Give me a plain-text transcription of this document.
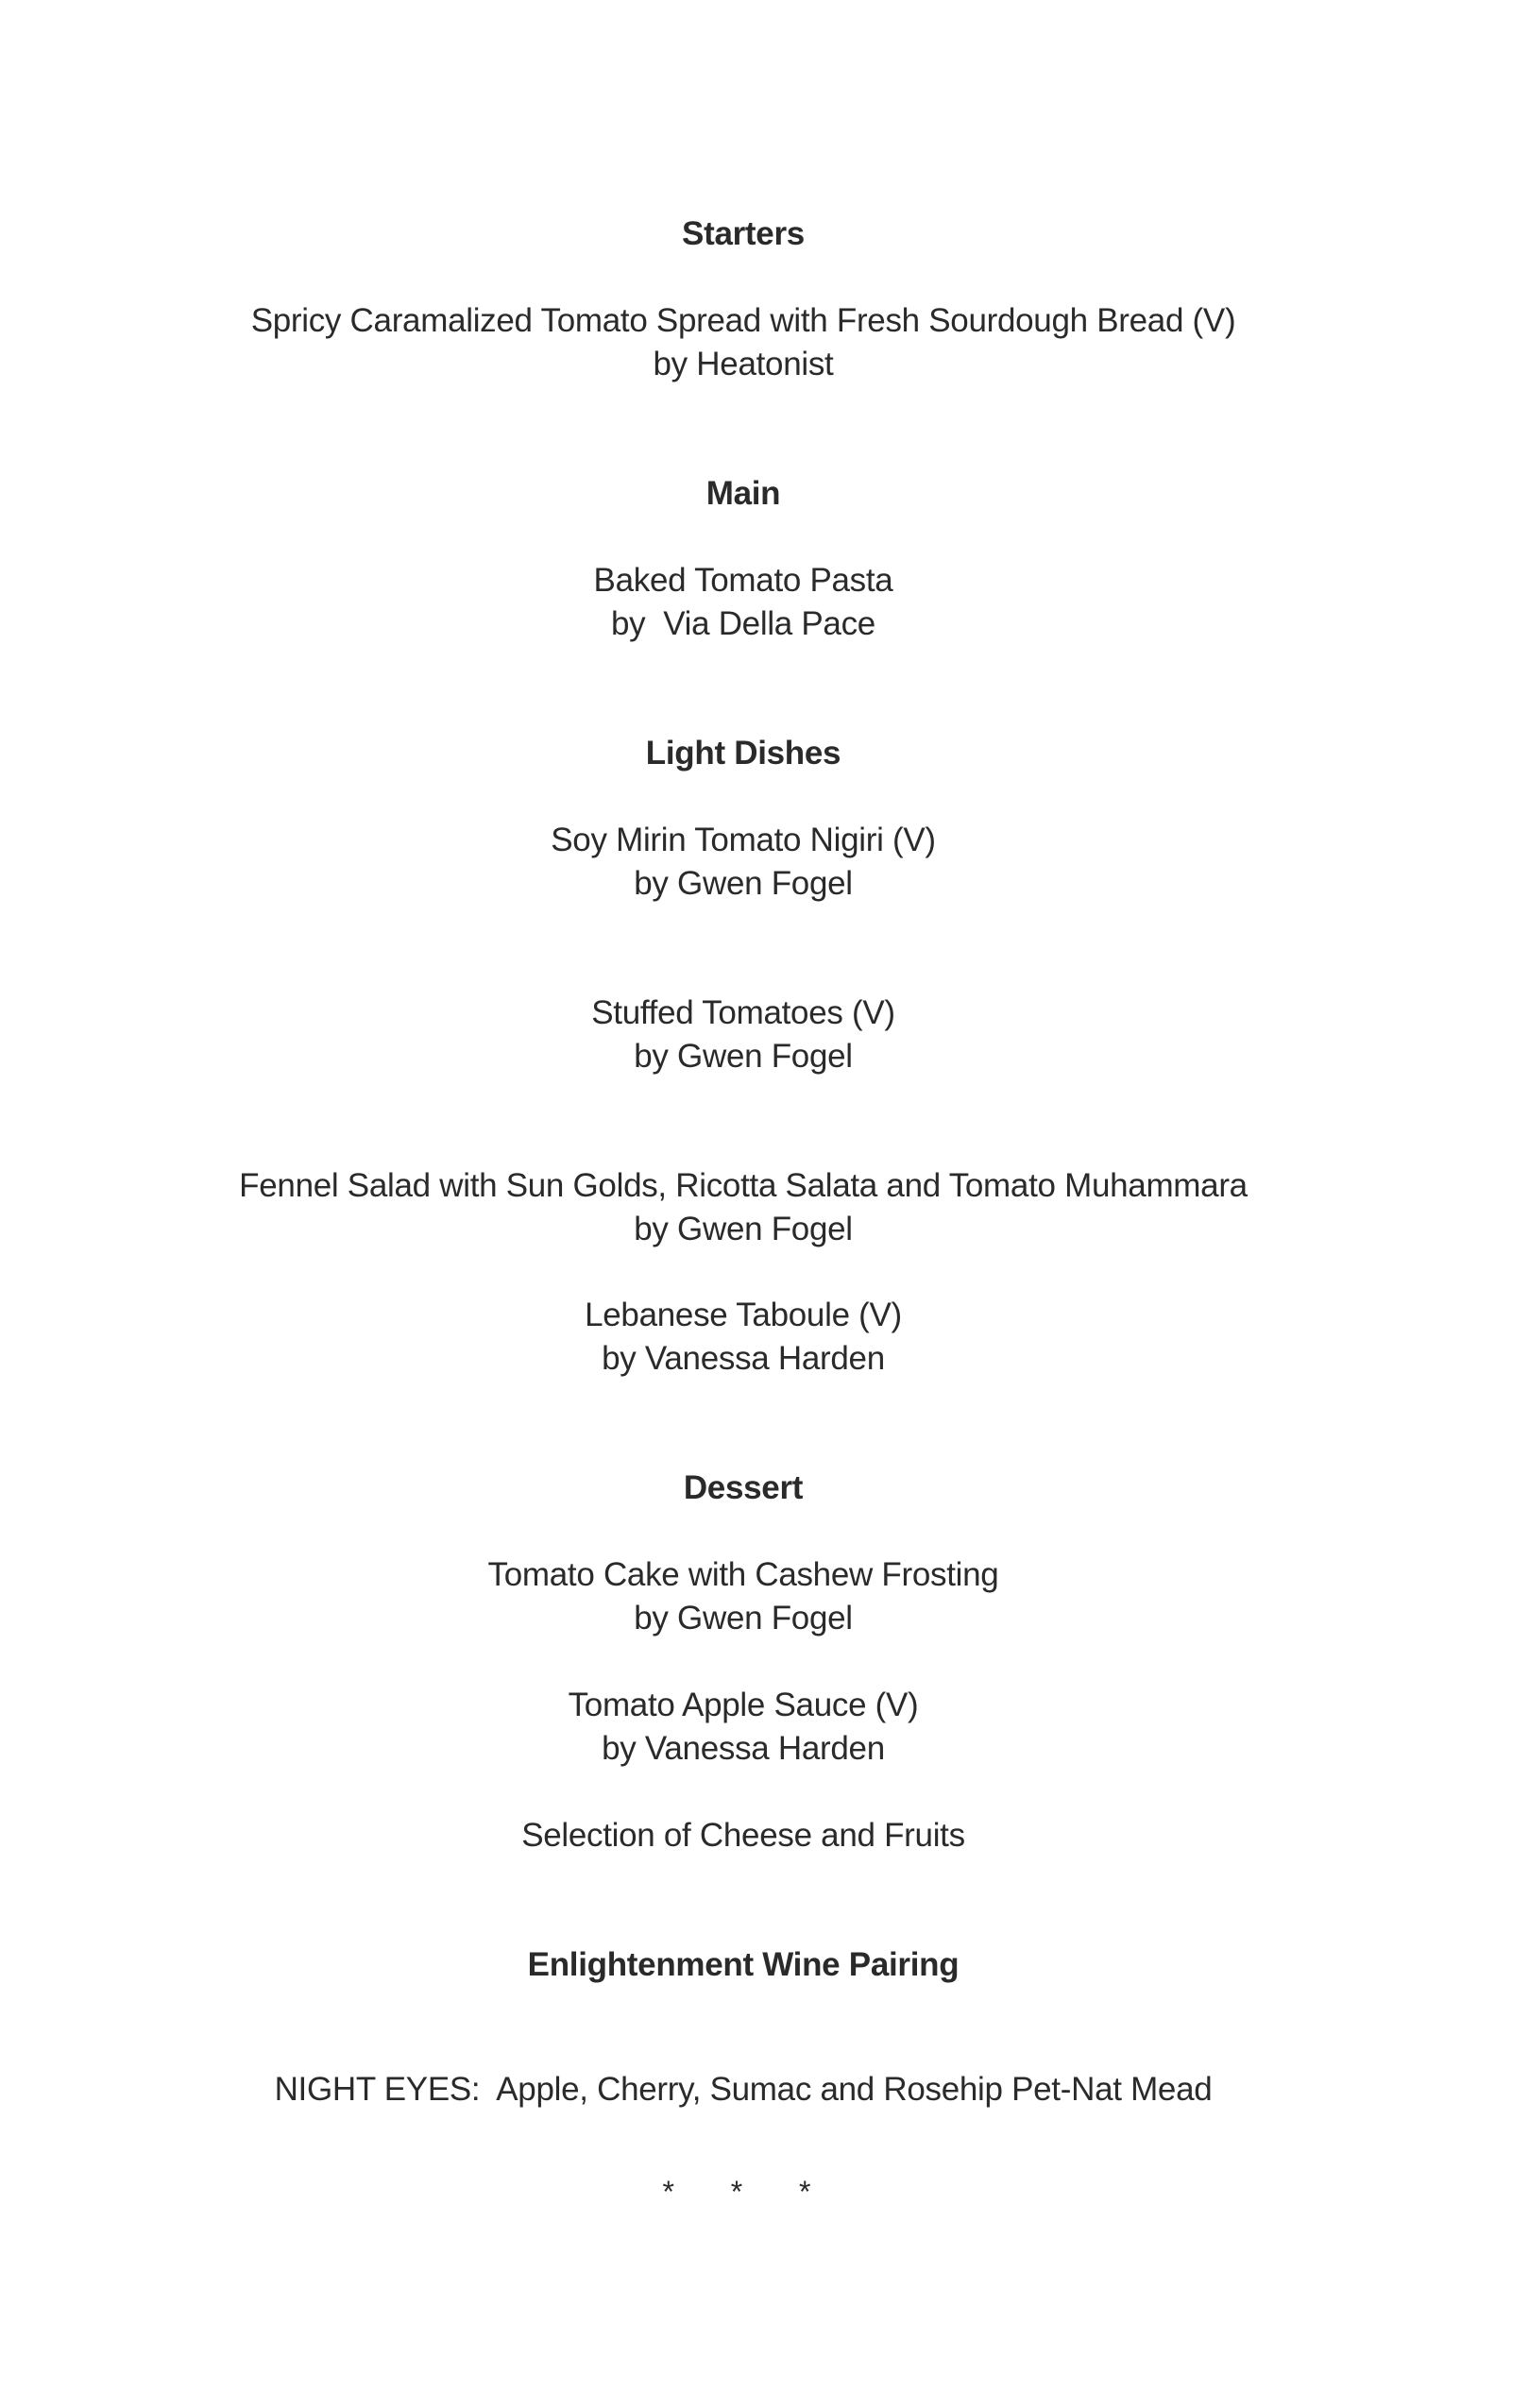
Starters
Spricy Caramalized Tomato Spread with Fresh Sourdough Bread (V)
by Heatonist
Main
Baked Tomato Pasta
by  Via Della Pace
Light Dishes
Soy Mirin Tomato Nigiri (V)
by Gwen Fogel
Stuffed Tomatoes (V)
by Gwen Fogel
Fennel Salad with Sun Golds, Ricotta Salata and Tomato Muhammara
by Gwen Fogel
Lebanese Taboule (V)
by Vanessa Harden
Dessert
Tomato Cake with Cashew Frosting
by Gwen Fogel
Tomato Apple Sauce (V)
by Vanessa Harden
Selection of Cheese and Fruits
Enlightenment Wine Pairing
NIGHT EYES:  Apple, Cherry, Sumac and Rosehip Pet-Nat Mead
*  *  *
